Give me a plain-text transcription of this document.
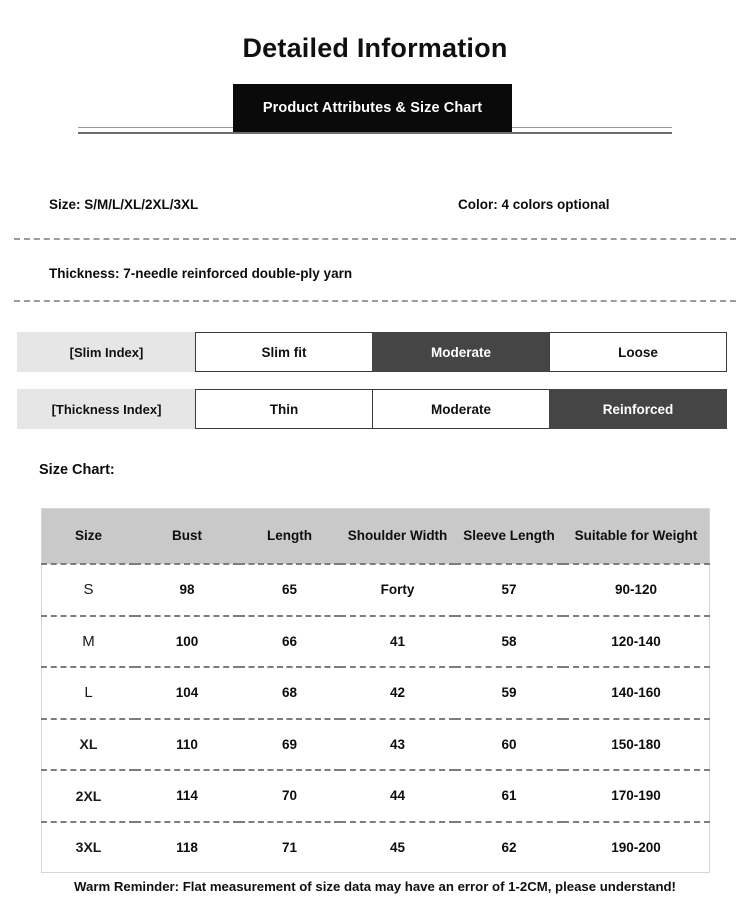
Detailed Information
Product Attributes & Size Chart
Size: S/M/L/XL/2XL/3XL	Color: 4 colors optional
Thickness: 7-needle reinforced double-ply yarn
[Slim Index]	Slim fit	Moderate	Loose
[Thickness Index]	Thin	Moderate	Reinforced
Size Chart:
Size	Bust	Length	Shoulder Width	Sleeve Length	Suitable for Weight
S	98	65	Forty	57	90-120
M	100	66	41	58	120-140
L	104	68	42	59	140-160
XL	110	69	43	60	150-180
2XL	114	70	44	61	170-190
3XL	118	71	45	62	190-200
Warm Reminder: Flat measurement of size data may have an error of 1-2CM, please understand!
